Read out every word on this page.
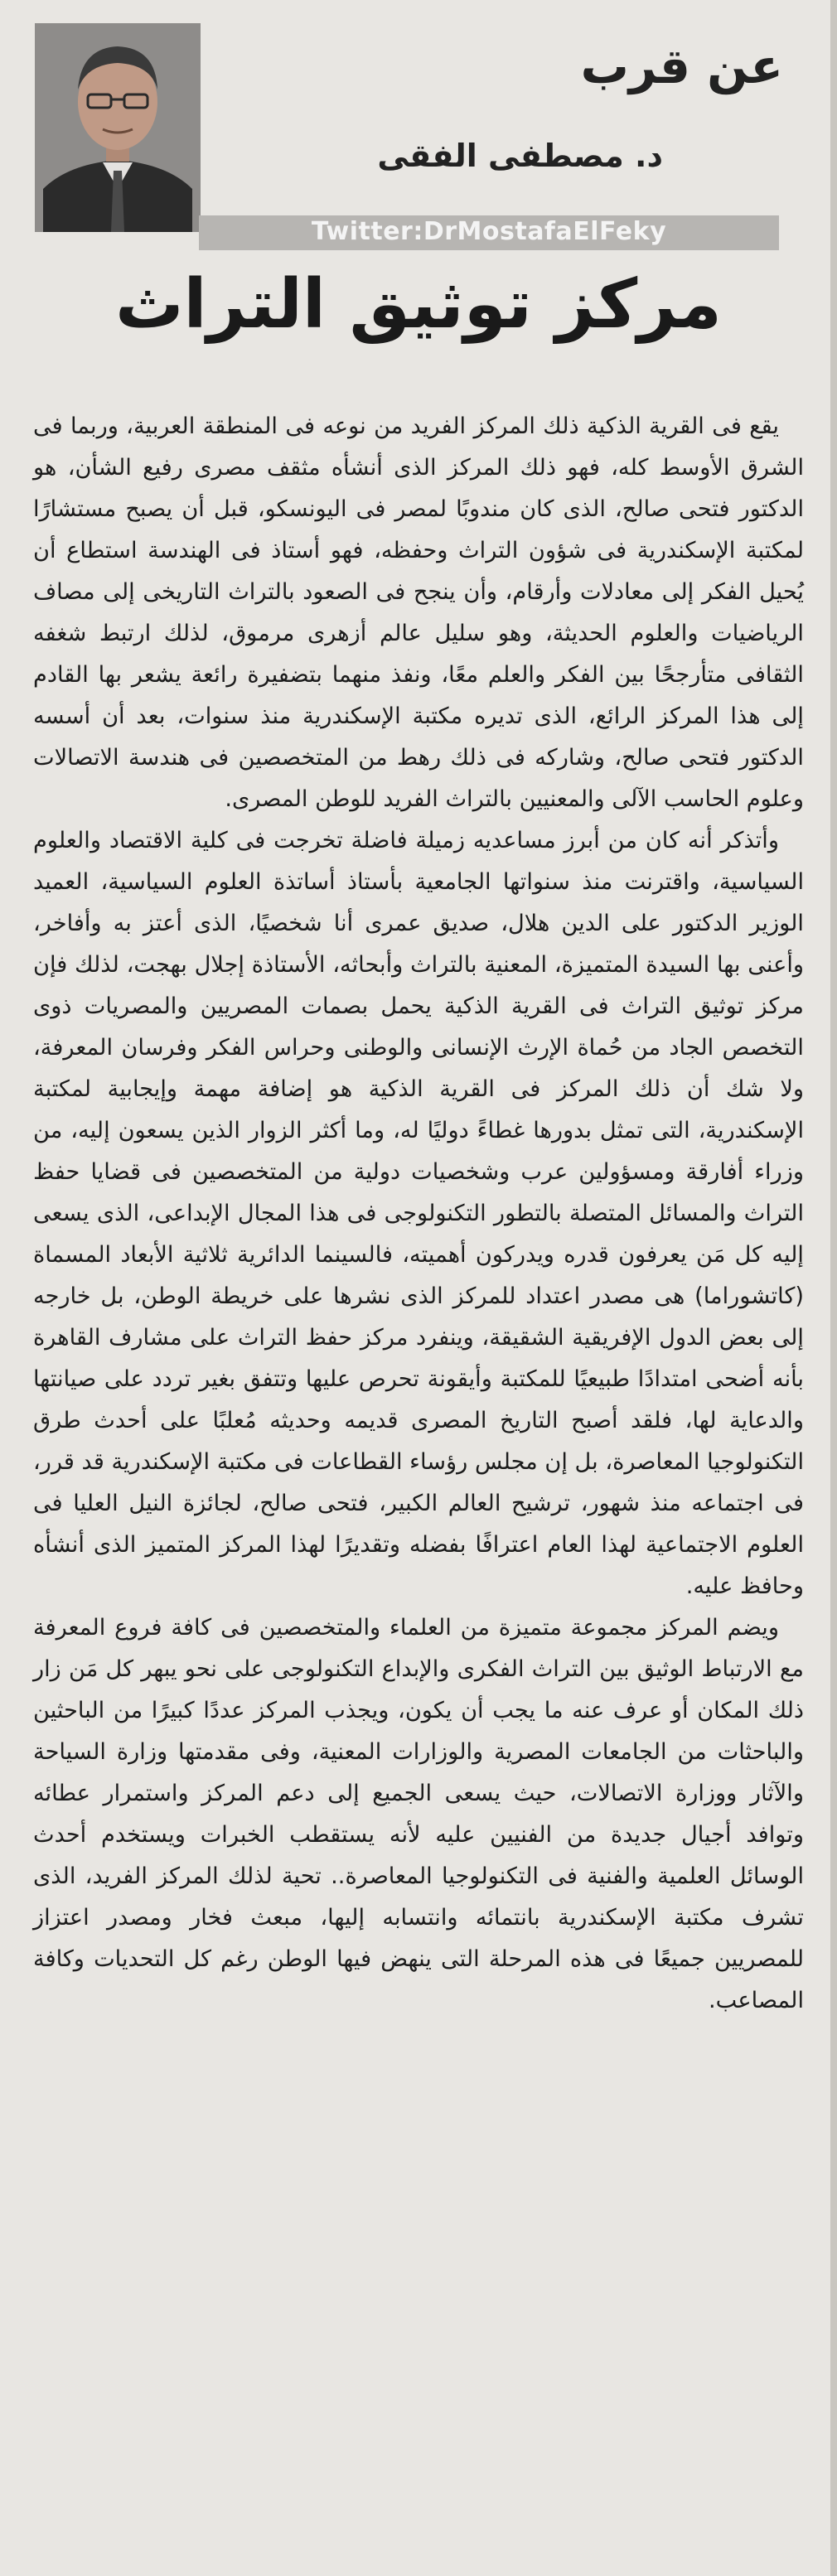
عن قرب
د. مصطفى الفقى
Twitter:DrMostafaElFeky
مركز توثيق التراث

يقع فى القرية الذكية ذلك المركز الفريد من نوعه فى المنطقة العربية، وربما فى الشرق الأوسط كله، فهو ذلك المركز الذى أنشأه مثقف مصرى رفيع الشأن، هو الدكتور فتحى صالح، الذى كان مندوبًا لمصر فى اليونسكو، قبل أن يصبح مستشارًا لمكتبة الإسكندرية فى شؤون التراث وحفظه، فهو أستاذ فى الهندسة استطاع أن يُحيل الفكر إلى معادلات وأرقام، وأن ينجح فى الصعود بالتراث التاريخى إلى مصاف الرياضيات والعلوم الحديثة، وهو سليل عالم أزهرى مرموق، لذلك ارتبط شغفه الثقافى متأرجحًا بين الفكر والعلم معًا، ونفذ منهما بتضفيرة رائعة يشعر بها القادم إلى هذا المركز الرائع، الذى تديره مكتبة الإسكندرية منذ سنوات، بعد أن أسسه الدكتور فتحى صالح، وشاركه فى ذلك رهط من المتخصصين فى هندسة الاتصالات وعلوم الحاسب الآلى والمعنيين بالتراث الفريد للوطن المصرى.

وأتذكر أنه كان من أبرز مساعديه زميلة فاضلة تخرجت فى كلية الاقتصاد والعلوم السياسية، واقترنت منذ سنواتها الجامعية بأستاذ أساتذة العلوم السياسية، العميد الوزير الدكتور على الدين هلال، صديق عمرى أنا شخصيًا، الذى أعتز به وأفاخر، وأعنى بها السيدة المتميزة، المعنية بالتراث وأبحاثه، الأستاذة إجلال بهجت، لذلك فإن مركز توثيق التراث فى القرية الذكية يحمل بصمات المصريين والمصريات ذوى التخصص الجاد من حُماة الإرث الإنسانى والوطنى وحراس الفكر وفرسان المعرفة، ولا شك أن ذلك المركز فى القرية الذكية هو إضافة مهمة وإيجابية لمكتبة الإسكندرية، التى تمثل بدورها غطاءً دوليًا له، وما أكثر الزوار الذين يسعون إليه، من وزراء أفارقة ومسؤولين عرب وشخصيات دولية من المتخصصين فى قضايا حفظ التراث والمسائل المتصلة بالتطور التكنولوجى فى هذا المجال الإبداعى، الذى يسعى إليه كل مَن يعرفون قدره ويدركون أهميته، فالسينما الدائرية ثلاثية الأبعاد المسماة (كاتشوراما) هى مصدر اعتداد للمركز الذى نشرها على خريطة الوطن، بل خارجه إلى بعض الدول الإفريقية الشقيقة، وينفرد مركز حفظ التراث على مشارف القاهرة بأنه أضحى امتدادًا طبيعيًا للمكتبة وأيقونة تحرص عليها وتتفق بغير تردد على صيانتها والدعاية لها، فلقد أصبح التاريخ المصرى قديمه وحديثه مُعلبًا على أحدث طرق التكنولوجيا المعاصرة، بل إن مجلس رؤساء القطاعات فى مكتبة الإسكندرية قد قرر، فى اجتماعه منذ شهور، ترشيح العالم الكبير، فتحى صالح، لجائزة النيل العليا فى العلوم الاجتماعية لهذا العام اعترافًا بفضله وتقديرًا لهذا المركز المتميز الذى أنشأه وحافظ عليه.

ويضم المركز مجموعة متميزة من العلماء والمتخصصين فى كافة فروع المعرفة مع الارتباط الوثيق بين التراث الفكرى والإبداع التكنولوجى على نحو يبهر كل مَن زار ذلك المكان أو عرف عنه ما يجب أن يكون، ويجذب المركز عددًا كبيرًا من الباحثين والباحثات من الجامعات المصرية والوزارات المعنية، وفى مقدمتها وزارة السياحة والآثار ووزارة الاتصالات، حيث يسعى الجميع إلى دعم المركز واستمرار عطائه وتوافد أجيال جديدة من الفنيين عليه لأنه يستقطب الخبرات ويستخدم أحدث الوسائل العلمية والفنية فى التكنولوجيا المعاصرة.. تحية لذلك المركز الفريد، الذى تشرف مكتبة الإسكندرية بانتمائه وانتسابه إليها، مبعث فخار ومصدر اعتزاز للمصريين جميعًا فى هذه المرحلة التى ينهض فيها الوطن رغم كل التحديات وكافة المصاعب.
